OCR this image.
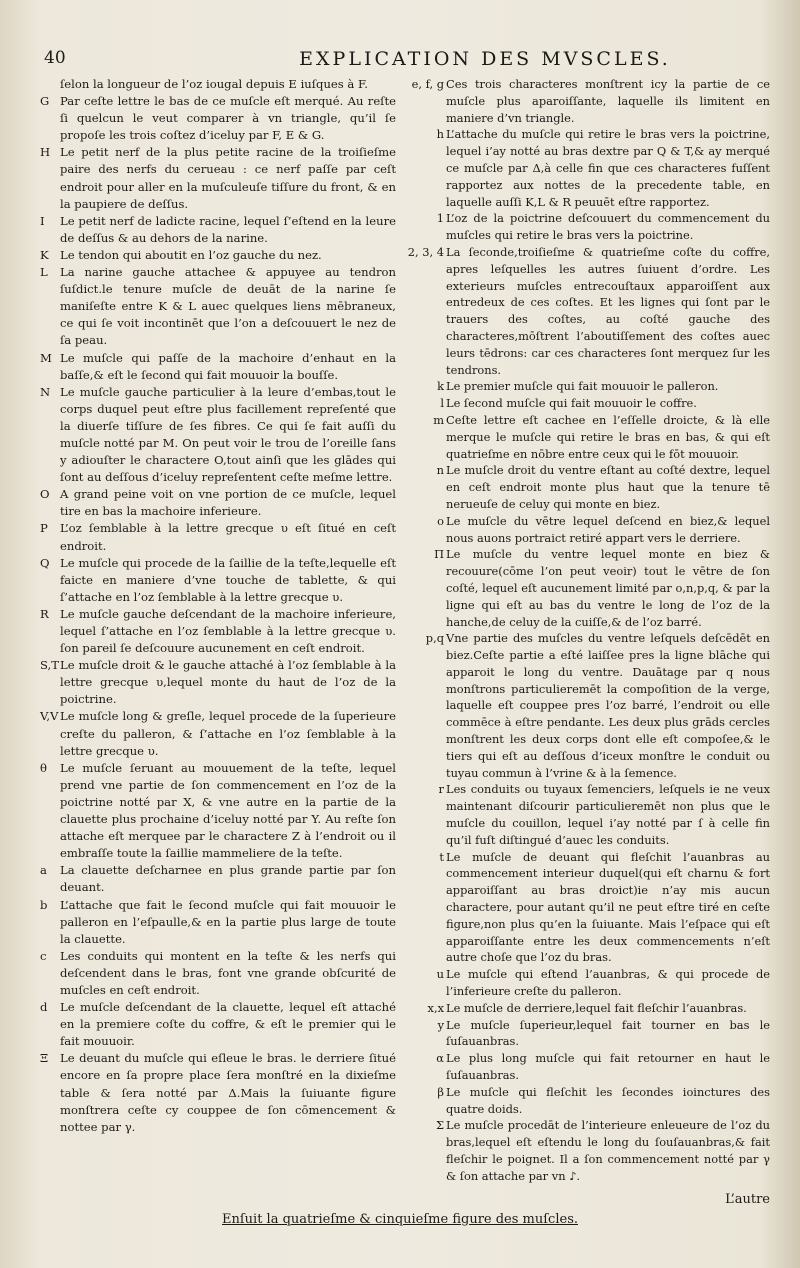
40	EXPLICATION DES MVSCLES.

ſelon la longueur de l’oz iougal depuis E iuſques à F.

G Par ceſte lettre le bas de ce muſcle eſt merqué. Au reſte ſi quelcun le veut comparer à vn triangle, qu’il ſe propoſe les trois coſtez d’iceluy par F, E & G.

H Le petit nerf de la plus petite racine de la troiſieſme paire des nerfs du cerueau : ce nerf paſſe par ceſt endroit pour aller en la muſculeuſe tiſſure du front, & en la paupiere de deſſus.

I	Le petit nerf de ladicte racine, lequel ſ’eſtend en la leure de deſſus & au dehors de la narine.

K Le tendon qui aboutit en l’oz gauche du nez.

L	La narine gauche attachee & appuyee au tendron ſuſdict.le tenure muſcle de deuāt de la narine ſe maniſeſte entre K & L auec quelques liens mēbraneux, ce qui ſe voit incontinēt que l’on a deſcouuert le nez de ſa peau.

M Le muſcle qui paſſe de la machoire d’enhaut en la baſſe,& eſt le ſecond qui fait mouuoir la bouſſe.

N Le muſcle gauche particulier à la leure d’embas,tout le corps duquel peut eſtre plus facillement repreſenté que la diuerſe tiſſure de ſes fibres. Ce qui ſe fait auſſi du muſcle notté par M. On peut voir le trou de l’oreille ſans y adiouſter le charactere O,tout ainſi que les glādes qui ſont au deſſous d’iceluy repreſentent ceſte meſme lettre.

O A grand peine voit on vne portion de ce muſcle, lequel tire en bas la machoire inferieure.

P	L’oz ſemblable à la lettre grecque υ eſt ſitué en ceſt endroit.

Q Le muſcle qui procede de la ſaillie de la teſte,lequelle eſt faicte en maniere d’vne touche de tablette, & qui ſ’attache en l’oz ſemblable à la lettre grecque υ.

R Le muſcle gauche deſcendant de la machoire inferieure, lequel ſ’attache en l’oz ſemblable à la lettre grecque υ. ſon pareil ſe deſcouure aucunement en ceſt endroit.

S,T Le muſcle droit & le gauche attaché à l’oz ſemblable à la lettre grecque υ,lequel monte du haut de l’oz de la poictrine.

V,V Le muſcle long & greſle, lequel procede de la ſuperieure creſte du palleron, & ſ’attache en l’oz ſemblable à la lettre grecque υ.

θ	Le muſcle ſeruant au mouuement de la teſte, lequel prend vne partie de ſon commencement en l’oz de la poictrine notté par X, & vne autre en la partie de la clauette plus prochaine d’iceluy notté par Y. Au reſte ſon attache eſt merquee par le charactere Z à l’endroit ou il embraſſe toute la ſaillie mammeliere de la teſte.

a	La clauette deſcharnee en plus grande partie par ſon deuant.

b	L’attache que fait le ſecond muſcle qui fait mouuoir le palleron en l’eſpaulle,& en la partie plus large de toute la clauette.

c	Les conduits qui montent en la teſte & les nerfs qui deſcendent dans le bras, font vne grande obſcurité de muſcles en ceſt endroit.

d	Le muſcle deſcendant de la clauette, lequel eſt attaché en la premiere coſte du coffre, & eſt le premier qui le fait mouuoir.

Ξ	Le deuant du muſcle qui eſleue le bras. le derriere ſitué encore en ſa propre place ſera monſtré en la dixieſme table & ſera notté par Δ.Mais la ſuiuante figure monſtrera ceſte cy couppee de ſon cōmencement & nottee par γ.

e, f, g Ces trois characteres monſtrent icy la partie de ce muſcle plus aparoiſſante, laquelle ils limitent en maniere d’vn triangle.

h L’attache du muſcle qui retire le bras vers la poictrine, lequel i’ay notté au bras dextre par Q & T,& ay merqué ce muſcle par Δ,à celle fin que ces characteres fuſſent rapportez aux nottes de la precedente table, en laquelle auſſi K,L & R peuuēt eſtre rapportez.

1 L’oz de la poictrine deſcouuert du commencement du muſcles qui retire le bras vers la poictrine.

2, 3, 4 La ſeconde,troiſieſme & quatrieſme coſte du coffre, apres leſquelles les autres ſuiuent d’ordre. Les exterieurs muſcles entrecouſtaux apparoiſſent aux entredeux de ces coſtes. Et les lignes qui ſont par le trauers des coſtes, au coſté gauche des characteres,mōſtrent l’aboutiſſement des coſtes auec leurs tēdrons: car ces characteres ſont merquez ſur les tendrons.

k Le premier muſcle qui fait mouuoir le palleron.

l Le ſecond muſcle qui fait mouuoir le coffre.

m Ceſte lettre eſt cachee en l’eſſelle droicte, & là elle merque le muſcle qui retire le bras en bas, & qui eſt quatrieſme en nōbre entre ceux qui le fōt mouuoir.

n Le muſcle droit du ventre eſtant au coſté dextre, lequel en ceſt endroit monte plus haut que la tenure tē nerueuſe de celuy qui monte en biez.

o Le muſcle du vētre lequel deſcend en biez,& lequel nous auons portraict retiré appart vers le derriere.

Π Le muſcle du ventre lequel monte en biez & recouure(cōme l’on peut veoir) tout le vētre de ſon coſté, lequel eſt aucunement limité par o,n,p,q, & par la ligne qui eſt au bas du ventre le long de l’oz de la hanche,de celuy de la cuiſſe,& de l’oz barré.

p,q Vne partie des muſcles du ventre leſquels deſcēdēt en biez.Ceſte partie a eſté laiſſee pres la ligne blāche qui apparoit le long du ventre. Dauātage par q nous monſtrons particulieremēt la compoſition de la verge, laquelle eſt couppee pres l’oz barré, l’endroit ou elle commēce à eſtre pendante. Les deux plus grāds cercles monſtrent les deux corps dont elle eſt compoſee,& le tiers qui eſt au deſſous d’iceux monſtre le conduit ou tuyau commun à l’vrine & à la ſemence.

r Les conduits ou tuyaux ſemenciers, leſquels ie ne veux maintenant diſcourir particulieremēt non plus que le muſcle du couillon, lequel i’ay notté par ſ à celle fin qu’il fuſt diſtingué d’auec les conduits.

t Le muſcle de deuant qui fleſchit l’auanbras au commencement interieur duquel(qui eſt charnu & fort apparoiſſant au bras droict)ie n’ay mis aucun charactere, pour autant qu’il ne peut eſtre tiré en ceſte figure,non plus qu’en la ſuiuante. Mais l’eſpace qui eſt apparoiſſante entre les deux commencements n’eſt autre choſe que l’oz du bras.

u Le muſcle qui eſtend l’auanbras, & qui procede de l’inferieure creſte du palleron.

x,x Le muſcle de derriere,lequel fait fleſchir l’auanbras.

y Le muſcle ſuperieur,lequel fait tourner en bas le ſuſauanbras.

α Le plus long muſcle qui fait retourner en haut le ſuſauanbras.

β Le muſcle qui fleſchit les ſecondes ioinctures des quatre doids.

Σ Le muſcle procedāt de l’interieure enleueure de l’oz du bras,lequel eſt eſtendu le long du ſouſauanbras,& fait fleſchir le poignet. Il a ſon commencement notté par γ & ſon attache par vn ♪.

L’autre
Enſuit la quatrieſme & cinquieſme figure des muſcles.
